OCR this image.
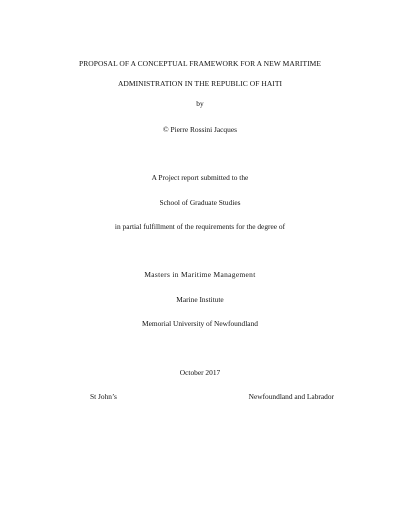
PROPOSAL OF A CONCEPTUAL FRAMEWORK FOR A NEW MARITIME
ADMINISTRATION IN THE REPUBLIC OF HAITI
by
© Pierre Rossini Jacques
A Project report submitted to the
School of Graduate Studies
in partial fulfillment of the requirements for the degree of
Masters in Maritime Management
Marine Institute
Memorial University of Newfoundland
October 2017
St John’s	Newfoundland and Labrador
